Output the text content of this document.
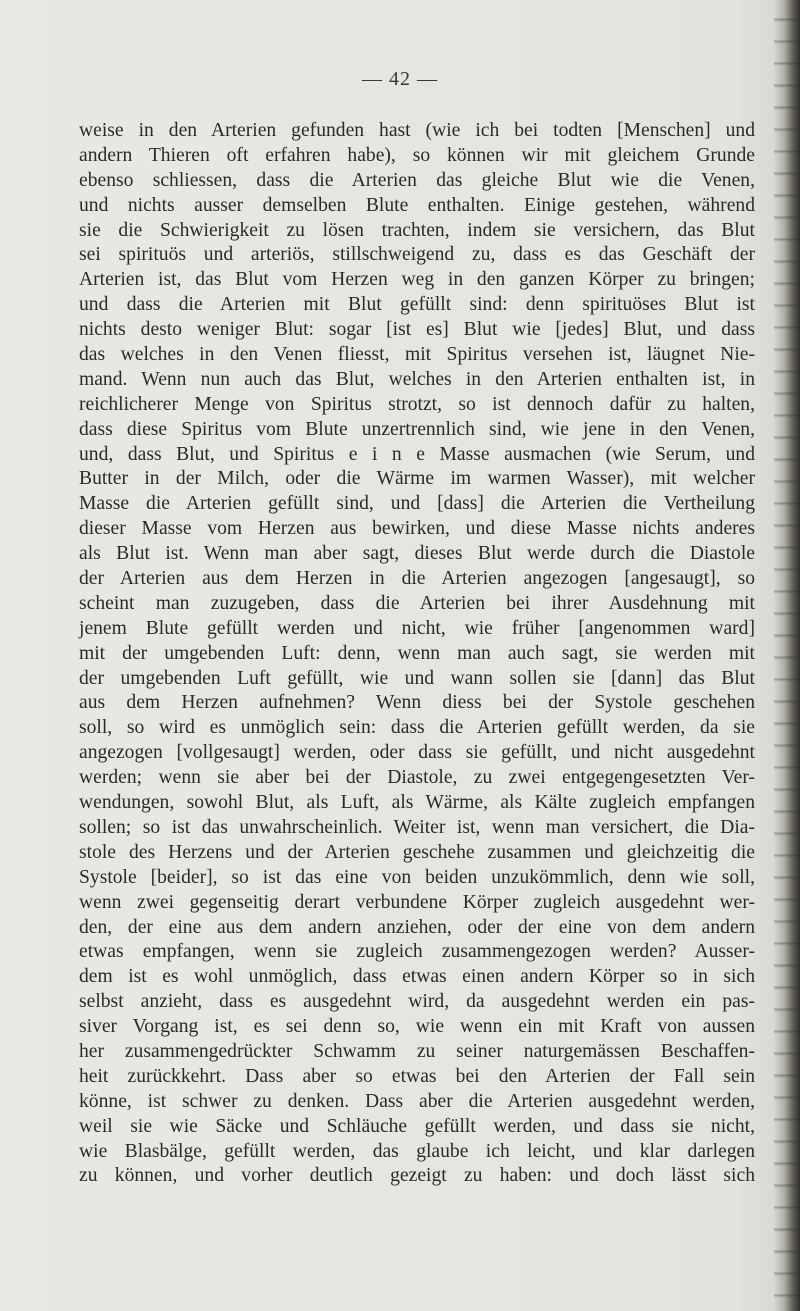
— 42 —
weise in den Arterien gefunden hast (wie ich bei todten [Menschen] und
andern Thieren oft erfahren habe), so können wir mit gleichem Grunde
ebenso schliessen, dass die Arterien das gleiche Blut wie die Venen,
und nichts ausser demselben Blute enthalten. Einige gestehen, während
sie die Schwierigkeit zu lösen trachten, indem sie versichern, das Blut
sei spirituös und arteriös, stillschweigend zu, dass es das Geschäft der
Arterien ist, das Blut vom Herzen weg in den ganzen Körper zu bringen;
und dass die Arterien mit Blut gefüllt sind: denn spirituöses Blut ist
nichts desto weniger Blut: sogar [ist es] Blut wie [jedes] Blut, und dass
das welches in den Venen fliesst, mit Spiritus versehen ist, läugnet Nie-
mand. Wenn nun auch das Blut, welches in den Arterien enthalten ist, in
reichlicherer Menge von Spiritus strotzt, so ist dennoch dafür zu halten,
dass diese Spiritus vom Blute unzertrennlich sind, wie jene in den Venen,
und, dass Blut, und Spiritus e i n e Masse ausmachen (wie Serum, und
Butter in der Milch, oder die Wärme im warmen Wasser), mit welcher
Masse die Arterien gefüllt sind, und [dass] die Arterien die Vertheilung
dieser Masse vom Herzen aus bewirken, und diese Masse nichts anderes
als Blut ist. Wenn man aber sagt, dieses Blut werde durch die Diastole
der Arterien aus dem Herzen in die Arterien angezogen [angesaugt], so
scheint man zuzugeben, dass die Arterien bei ihrer Ausdehnung mit
jenem Blute gefüllt werden und nicht, wie früher [angenommen ward]
mit der umgebenden Luft: denn, wenn man auch sagt, sie werden mit
der umgebenden Luft gefüllt, wie und wann sollen sie [dann] das Blut
aus dem Herzen aufnehmen? Wenn diess bei der Systole geschehen
soll, so wird es unmöglich sein: dass die Arterien gefüllt werden, da sie
angezogen [vollgesaugt] werden, oder dass sie gefüllt, und nicht ausgedehnt
werden; wenn sie aber bei der Diastole, zu zwei entgegengesetzten Ver-
wendungen, sowohl Blut, als Luft, als Wärme, als Kälte zugleich empfangen
sollen; so ist das unwahrscheinlich. Weiter ist, wenn man versichert, die Dia-
stole des Herzens und der Arterien geschehe zusammen und gleichzeitig die
Systole [beider], so ist das eine von beiden unzukömmlich, denn wie soll,
wenn zwei gegenseitig derart verbundene Körper zugleich ausgedehnt wer-
den, der eine aus dem andern anziehen, oder der eine von dem andern
etwas empfangen, wenn sie zugleich zusammengezogen werden? Ausser-
dem ist es wohl unmöglich, dass etwas einen andern Körper so in sich
selbst anzieht, dass es ausgedehnt wird, da ausgedehnt werden ein pas-
siver Vorgang ist, es sei denn so, wie wenn ein mit Kraft von aussen
her zusammengedrückter Schwamm zu seiner naturgemässen Beschaffen-
heit zurückkehrt. Dass aber so etwas bei den Arterien der Fall sein
könne, ist schwer zu denken. Dass aber die Arterien ausgedehnt werden,
weil sie wie Säcke und Schläuche gefüllt werden, und dass sie nicht,
wie Blasbälge, gefüllt werden, das glaube ich leicht, und klar darlegen
zu können, und vorher deutlich gezeigt zu haben: und doch lässt sich
